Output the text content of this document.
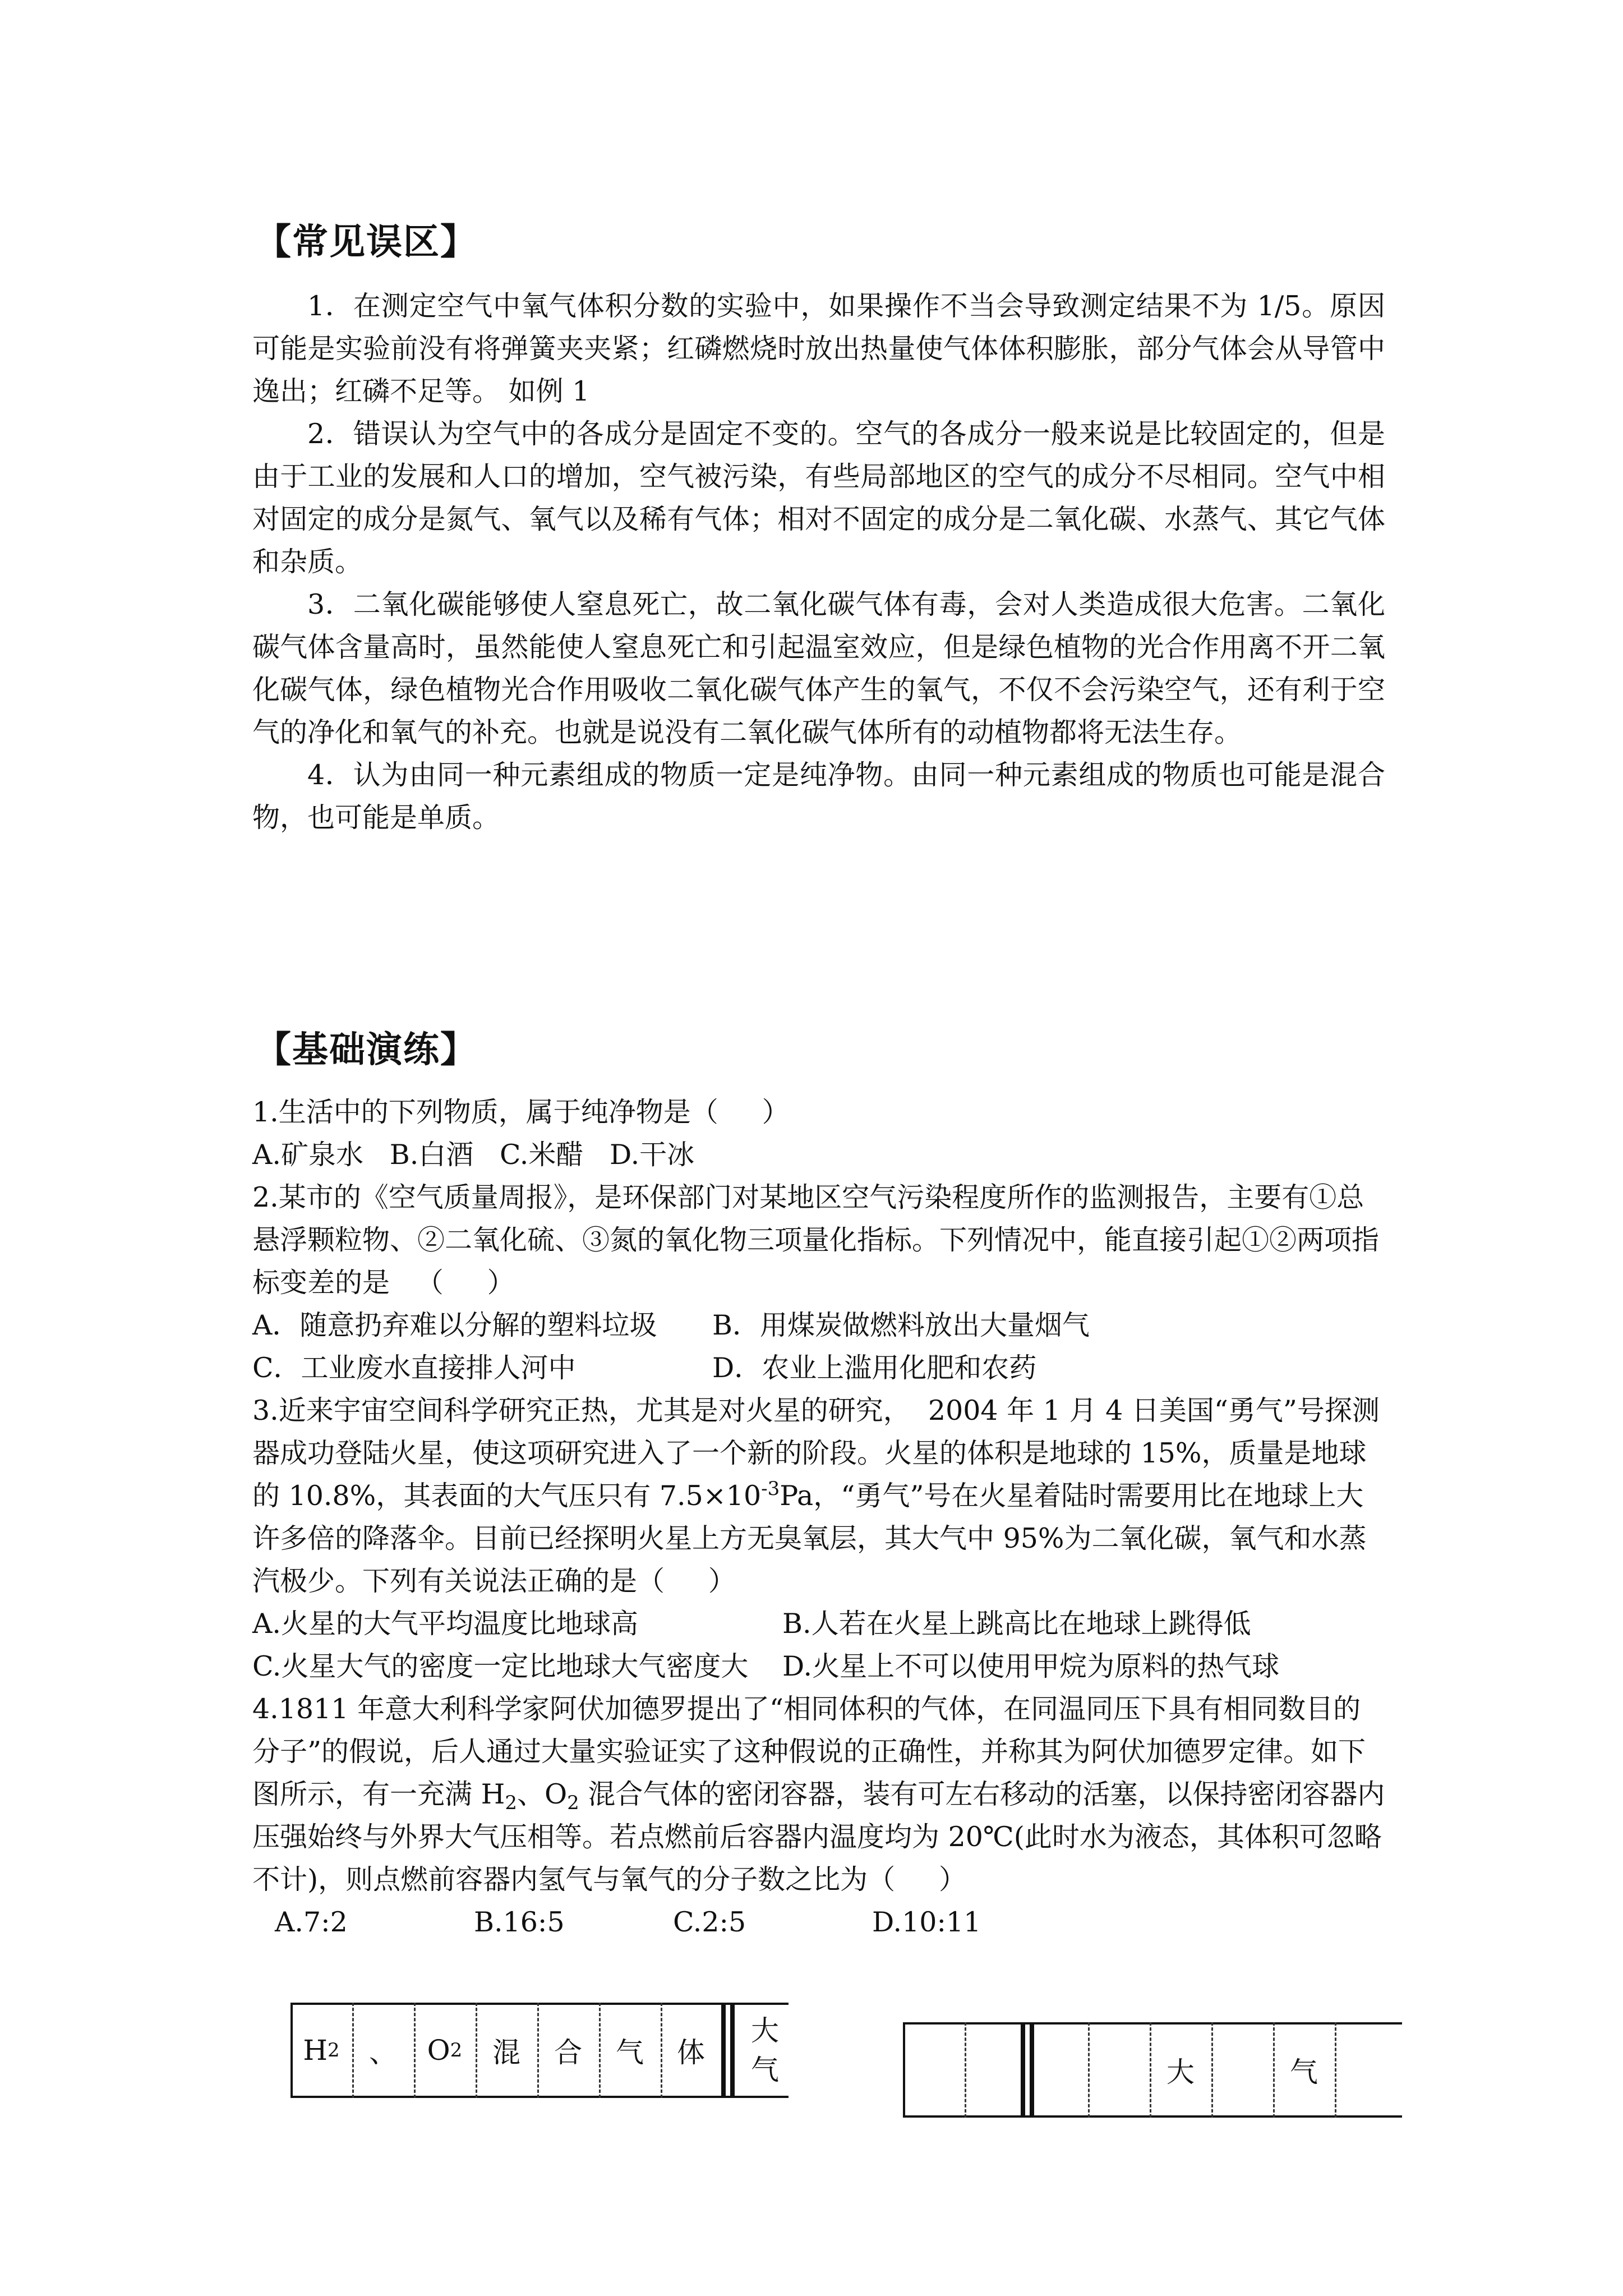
【常见误区】

1．在测定空气中氧气体积分数的实验中，如果操作不当会导致测定结果不为 1/5。原因可能是实验前没有将弹簧夹夹紧；红磷燃烧时放出热量使气体体积膨胀，部分气体会从导管中逸出；红磷不足等。 如例 1

2．错误认为空气中的各成分是固定不变的。空气的各成分一般来说是比较固定的，但是由于工业的发展和人口的增加，空气被污染，有些局部地区的空气的成分不尽相同。空气中相对固定的成分是氮气、氧气以及稀有气体；相对不固定的成分是二氧化碳、水蒸气、其它气体和杂质。

3．二氧化碳能够使人窒息死亡，故二氧化碳气体有毒，会对人类造成很大危害。二氧化碳气体含量高时，虽然能使人窒息死亡和引起温室效应，但是绿色植物的光合作用离不开二氧化碳气体，绿色植物光合作用吸收二氧化碳气体产生的氧气，不仅不会污染空气，还有利于空气的净化和氧气的补充。也就是说没有二氧化碳气体所有的动植物都将无法生存。

4．认为由同一种元素组成的物质一定是纯净物。由同一种元素组成的物质也可能是混合物，也可能是单质。

【基础演练】

1.生活中的下列物质，属于纯净物是（     ）

A.矿泉水   B.白酒   C.米醋   D.干冰

2.某市的《空气质量周报》，是环保部门对某地区空气污染程度所作的监测报告，主要有①总悬浮颗粒物、②二氧化硫、③氮的氧化物三项量化指标。下列情况中，能直接引起①②两项指标变差的是   （     ）

A．随意扔弃难以分解的塑料垃圾	B．用煤炭做燃料放出大量烟气
C．工业废水直接排人河中	D．农业上滥用化肥和农药

3.近来宇宙空间科学研究正热，尤其是对火星的研究，  2004 年 1 月 4 日美国“勇气”号探测器成功登陆火星，使这项研究进入了一个新的阶段。火星的体积是地球的 15%，质量是地球的 10.8%，其表面的大气压只有 $7.5\times 10^{-3}Pa$，“勇气”号在火星着陆时需要用比在地球上大许多倍的降落伞。目前已经探明火星上方无臭氧层，其大气中 95%为二氧化碳，氧气和水蒸汽极少。下列有关说法正确的是（     ）

A.火星的大气平均温度比地球高	B.人若在火星上跳高比在地球上跳得低
C.火星大气的密度一定比地球大气密度大	D.火星上不可以使用甲烷为原料的热气球

4.1811 年意大利科学家阿伏加德罗提出了“相同体积的气体，在同温同压下具有相同数目的分子”的假说，后人通过大量实验证实了这种假说的正确性，并称其为阿伏加德罗定律。如下图所示，有一充满 $H_2$、$O_2$ 混合气体的密闭容器，装有可左右移动的活塞，以保持密闭容器内压强始终与外界大气压相等。若点燃前后容器内温度均为 20℃(此时水为液态，其体积可忽略不计)，则点燃前容器内氢气与氧气的分子数之比为（     ）

A.7:2	B.16:5	C.2:5	D.10:11
H 2	、	O 2	混	合	气	体
大
气	大	气
